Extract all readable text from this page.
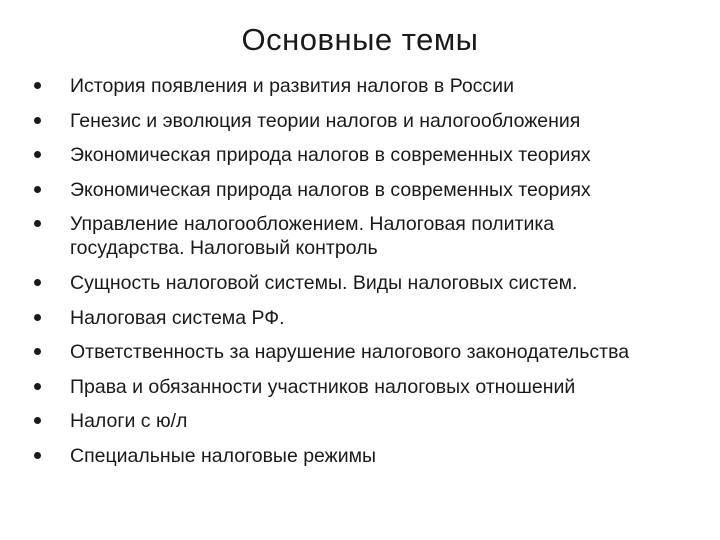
Основные темы
История появления и развития налогов в России
Генезис и эволюция теории налогов и налогообложения
Экономическая природа налогов в современных теориях
Экономическая природа налогов в современных теориях
Управление налогообложением. Налоговая политика государства. Налоговый контроль
Сущность налоговой системы. Виды налоговых систем.
Налоговая система РФ.
Ответственность за нарушение налогового законодательства
Права и обязанности участников налоговых отношений
Налоги с ю/л
Специальные налоговые режимы
